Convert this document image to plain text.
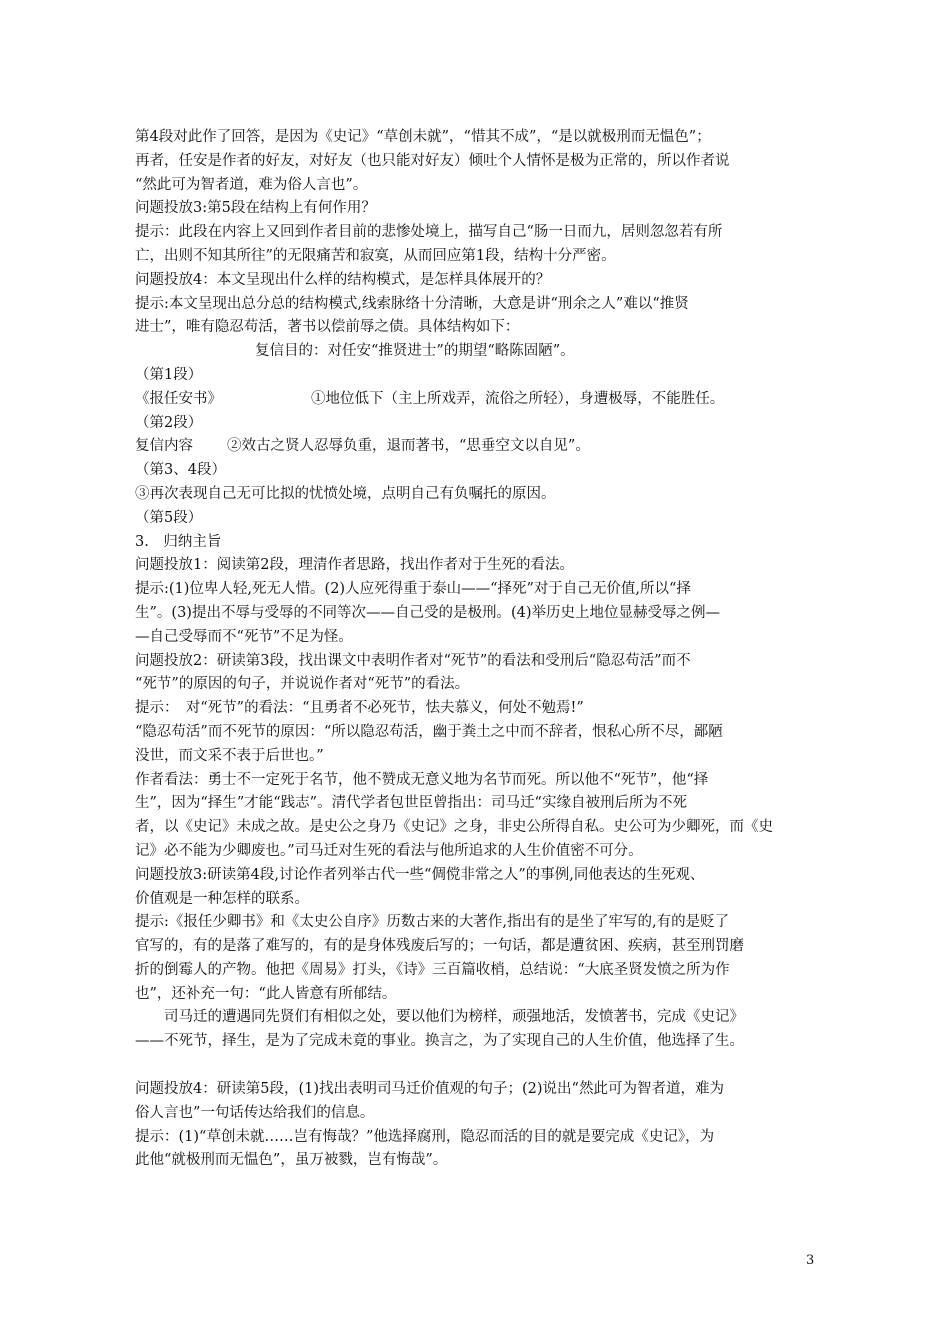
第4段对此作了回答，是因为《史记》“草创未就”，“惜其不成”，“是以就极刑而无愠色”；

再者，任安是作者的好友，对好友（也只能对好友）倾吐个人情怀是极为正常的，所以作者说

“然此可为智者道，难为俗人言也”。

问题投放3:第5段在结构上有何作用？

提示：此段在内容上又回到作者目前的悲惨处境上，描写自己“肠一日而九，居则忽忽若有所

亡，出则不知其所往”的无限痛苦和寂寞，从而回应第1段，结构十分严密。

问题投放4：本文呈现出什么样的结构模式，是怎样具体展开的？

提示:本文呈现出总分总的结构模式,线索脉络十分清晰，大意是讲“刑余之人”难以“推贤

进士”，唯有隐忍苟活，著书以偿前辱之债。具体结构如下：

复信目的：对任安“推贤进士”的期望“略陈固陋”。

（第1段）

《报任安书》	①地位低下（主上所戏弄，流俗之所轻），身遭极辱，不能胜任。

（第2段）

复信内容 ②效古之贤人忍辱负重，退而著书，“思垂空文以自见”。

（第3、4段）

③再次表现自己无可比拟的忧愤处境，点明自己有负嘱托的原因。

（第5段）

3.　归纳主旨

问题投放1：阅读第2段，理清作者思路，找出作者对于生死的看法。

提示:(1)位卑人轻,死无人惜。(2)人应死得重于泰山——“择死”对于自己无价值,所以“择

生”。(3)提出不辱与受辱的不同等次——自己受的是极刑。(4)举历史上地位显赫受辱之例—

—自己受辱而不“死节”不足为怪。

问题投放2：研读第3段，找出课文中表明作者对“死节”的看法和受刑后“隐忍苟活”而不

“死节”的原因的句子，并说说作者对“死节”的看法。

提示：　对“死节”的看法：“且勇者不必死节，怯夫慕义，何处不勉焉!”

“隐忍苟活”而不死节的原因：“所以隐忍苟活，幽于粪土之中而不辞者，恨私心所不尽，鄙陋

没世，而文采不表于后世也。”

作者看法：勇士不一定死于名节，他不赞成无意义地为名节而死。所以他不“死节”，他“择

生”，因为“择生”才能“践志”。清代学者包世臣曾指出：司马迁“实缘自被刑后所为不死

者，以《史记》未成之故。是史公之身乃《史记》之身，非史公所得自私。史公可为少卿死，而《史

记》必不能为少卿废也。”司马迁对生死的看法与他所追求的人生价值密不可分。

问题投放3:研读第4段,讨论作者列举古代一些“倜傥非常之人”的事例,同他表达的生死观、

价值观是一种怎样的联系。

提示:《报任少卿书》和《太史公自序》历数古来的大著作,指出有的是坐了牢写的,有的是贬了

官写的，有的是落了难写的，有的是身体残废后写的；一句话，都是遭贫困、疾病，甚至刑罚磨

折的倒霉人的产物。他把《周易》打头，《诗》三百篇收梢，总结说：“大底圣贤发愤之所为作

也”，还补充一句：“此人皆意有所郁结。

司马迁的遭遇同先贤们有相似之处，要以他们为榜样，顽强地活，发愤著书，完成《史记》

——不死节，择生，是为了完成未竟的事业。换言之，为了实现自己的人生价值，他选择了生。

问题投放4：研读第5段，(1)找出表明司马迁价值观的句子；(2)说出“然此可为智者道，难为

俗人言也”一句话传达给我们的信息。

提示：(1)“草创未就……岂有悔哉？”他选择腐刑，隐忍而活的目的就是要完成《史记》，为

此他“就极刑而无愠色”，虽万被戮，岂有悔哉”。

3
